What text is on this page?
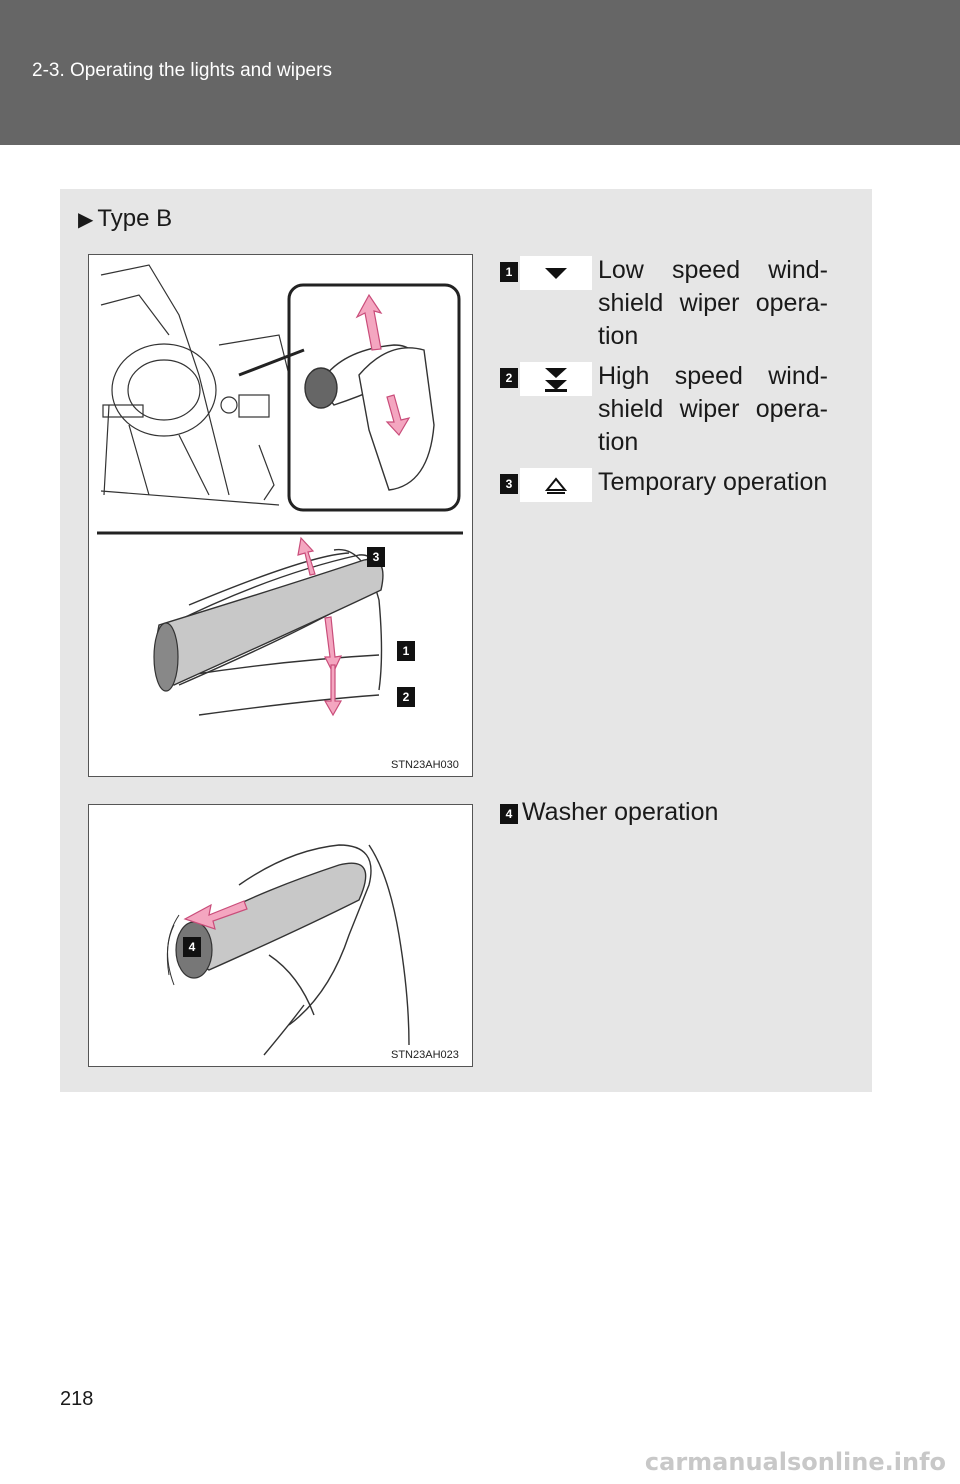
2-3. Operating the lights and wipers
▶ Type B
3
1
2
STN23AH030
4
STN23AH023
1	Low speed wind-
shield wiper opera-
tion
2	High speed wind-
shield wiper opera-
tion
3	Temporary operation
4 Washer operation
218
carmanualsonline.info
